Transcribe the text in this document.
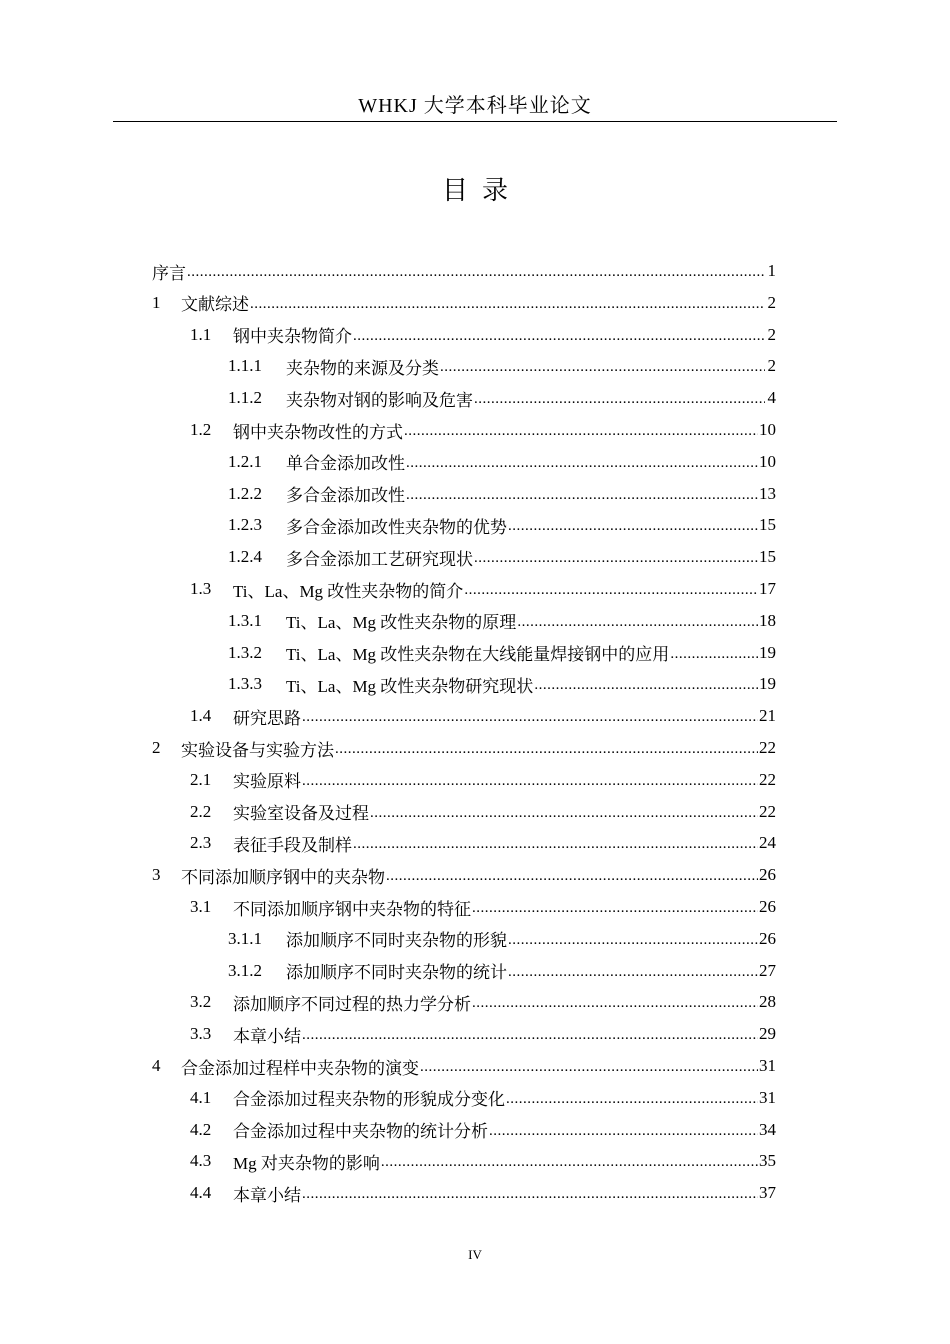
WHKJ 大学本科毕业论文
目录
序言 .....	1
1	文献综述 .....	2
1.1	钢中夹杂物简介 .....	2
1.1.1	夹杂物的来源及分类 .....	2
1.1.2	夹杂物对钢的影响及危害 .....	4
1.2	钢中夹杂物改性的方式 .....	10
1.2.1	单合金添加改性 .....	10
1.2.2	多合金添加改性 .....	13
1.2.3	多合金添加改性夹杂物的优势 .....	15
1.2.4	多合金添加工艺研究现状 .....	15
1.3	Ti、La、Mg 改性夹杂物的简介 .....	17
1.3.1	Ti、La、Mg 改性夹杂物的原理 .....	18
1.3.2	Ti、La、Mg 改性夹杂物在大线能量焊接钢中的应用 .....	19
1.3.3	Ti、La、Mg 改性夹杂物研究现状 .....	19
1.4	研究思路 .....	21
2	实验设备与实验方法 .....	22
2.1	实验原料 .....	22
2.2	实验室设备及过程 .....	22
2.3	表征手段及制样 .....	24
3	不同添加顺序钢中的夹杂物 .....	26
3.1	不同添加顺序钢中夹杂物的特征 .....	26
3.1.1	添加顺序不同时夹杂物的形貌 .....	26
3.1.2	添加顺序不同时夹杂物的统计 .....	27
3.2	添加顺序不同过程的热力学分析 .....	28
3.3	本章小结 .....	29
4	合金添加过程样中夹杂物的演变 .....	31
4.1	合金添加过程夹杂物的形貌成分变化 .....	31
4.2	合金添加过程中夹杂物的统计分析 .....	34
4.3	Mg 对夹杂物的影响 .....	35
4.4	本章小结 .....	37
IV
